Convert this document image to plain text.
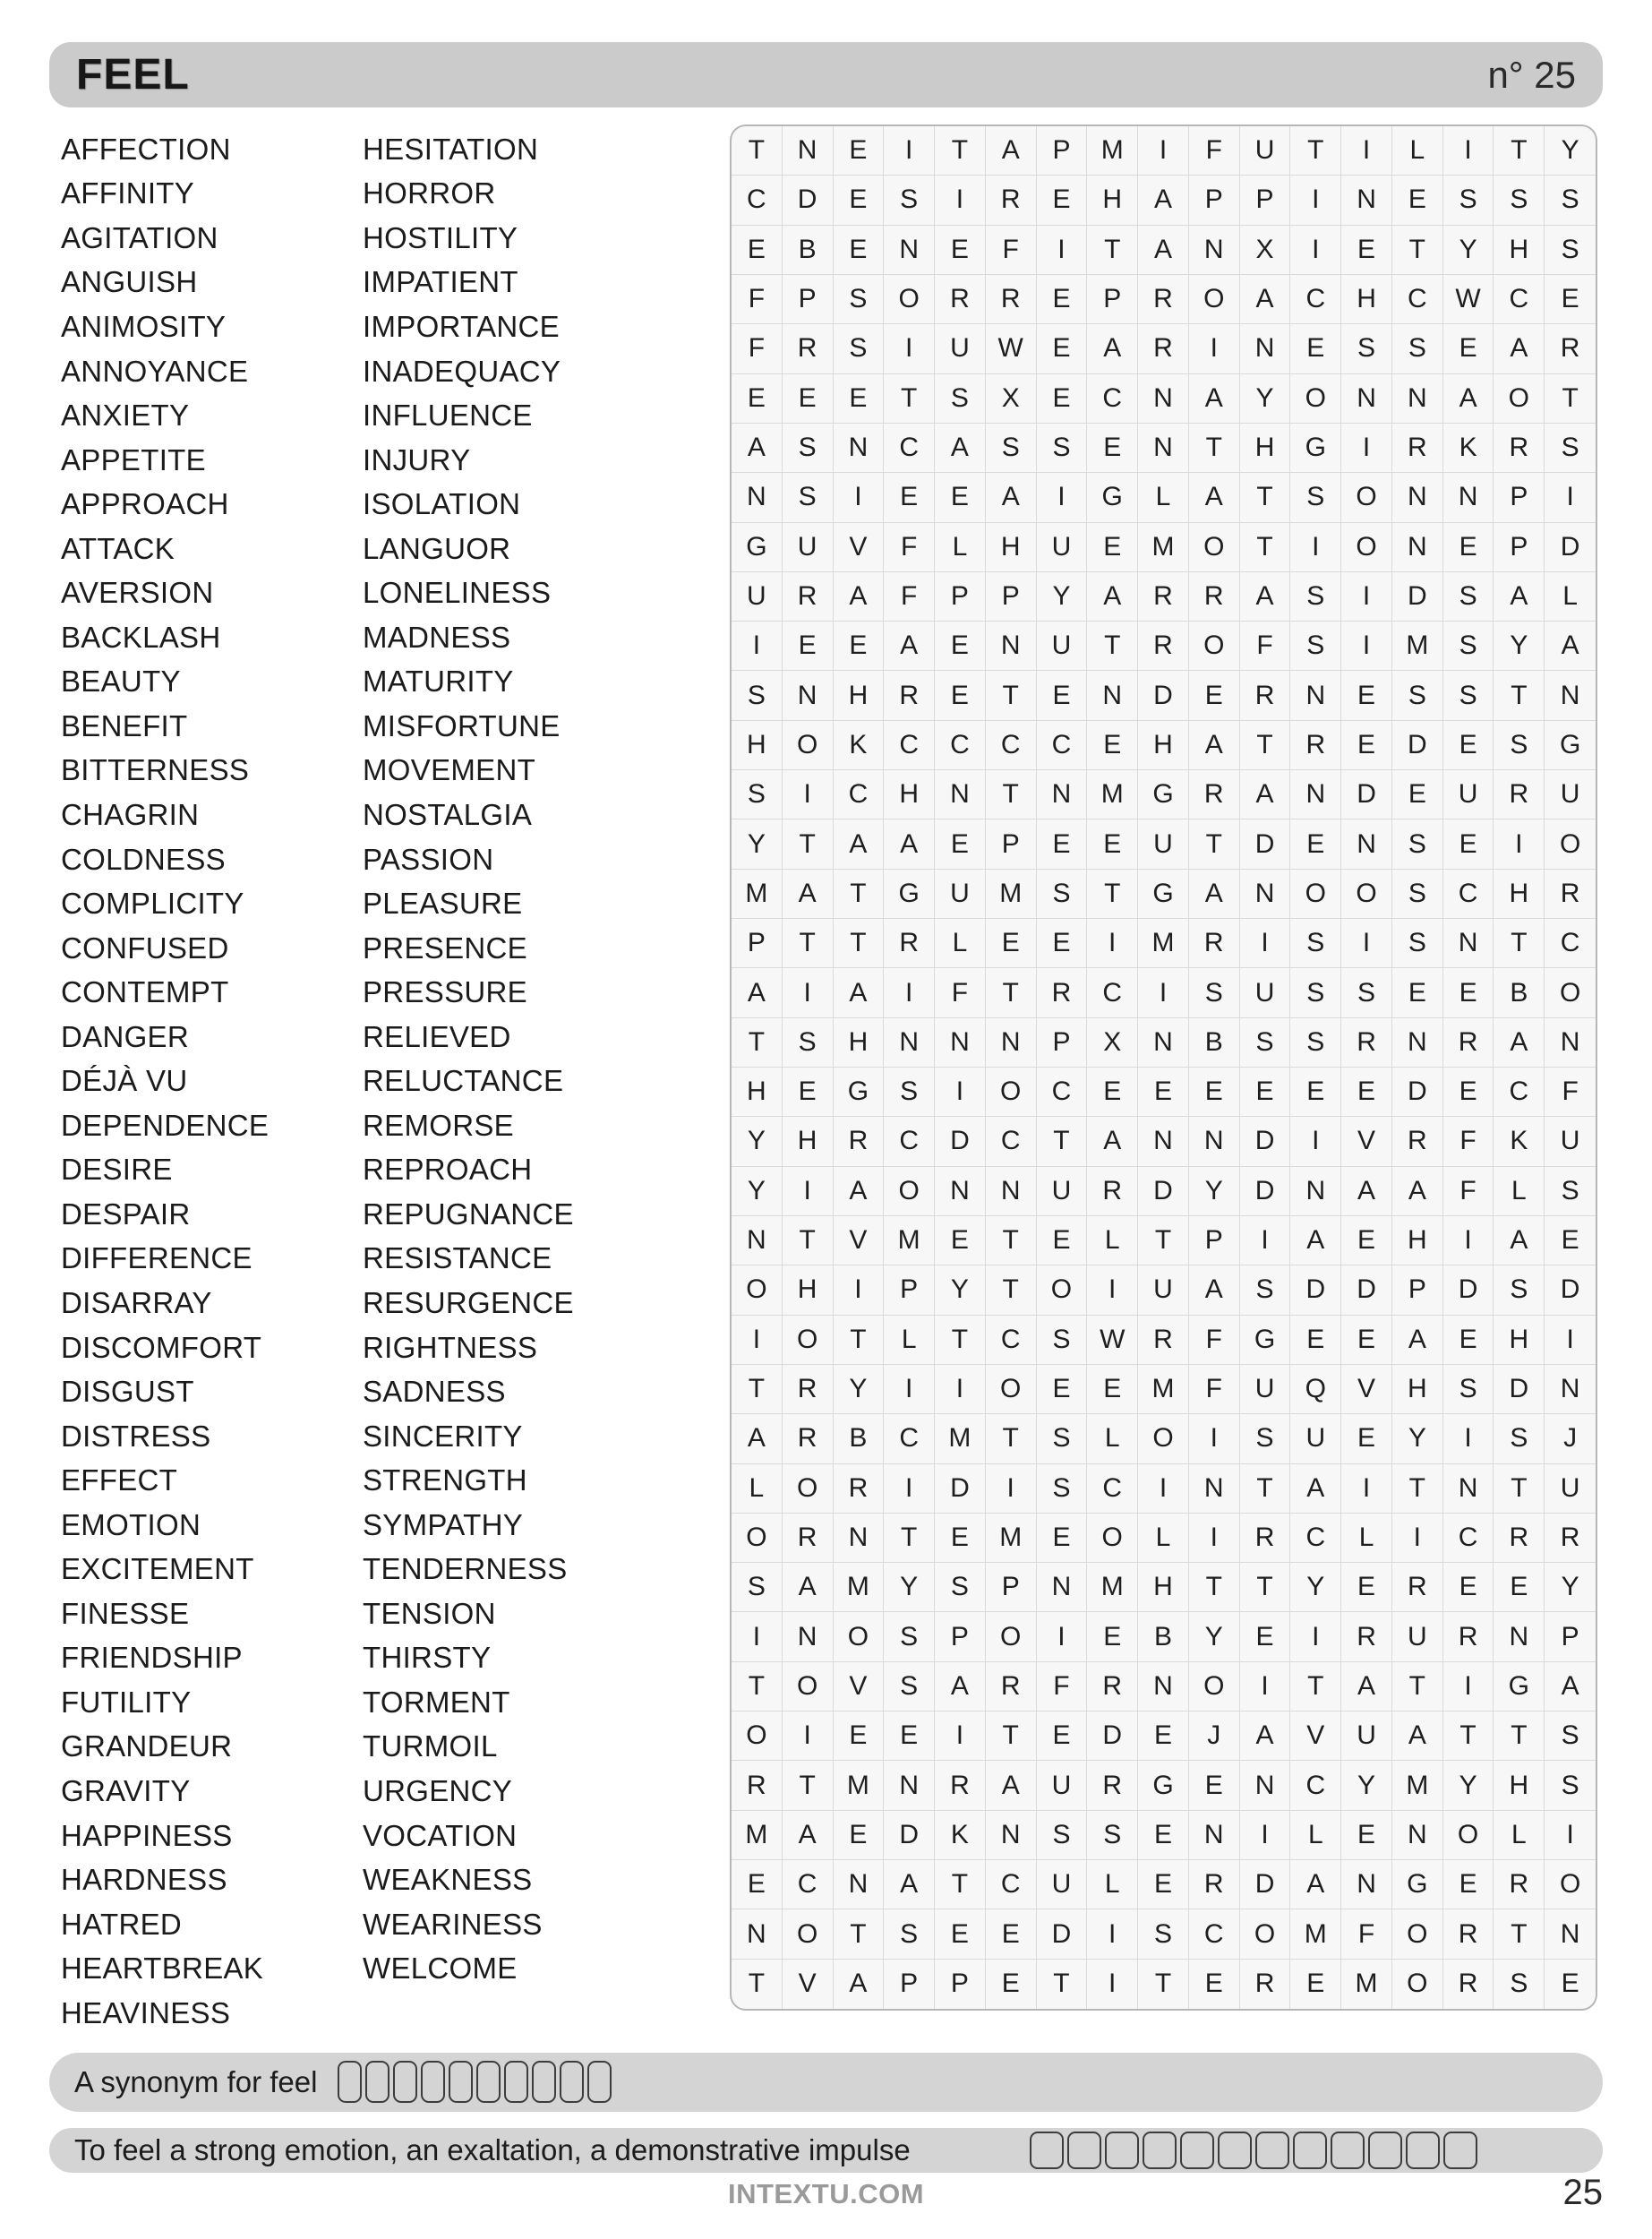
FEEL	n° 25
AFFECTION
AFFINITY
AGITATION
ANGUISH
ANIMOSITY
ANNOYANCE
ANXIETY
APPETITE
APPROACH
ATTACK
AVERSION
BACKLASH
BEAUTY
BENEFIT
BITTERNESS
CHAGRIN
COLDNESS
COMPLICITY
CONFUSED
CONTEMPT
DANGER
DÉJÀ VU
DEPENDENCE
DESIRE
DESPAIR
DIFFERENCE
DISARRAY
DISCOMFORT
DISGUST
DISTRESS
EFFECT
EMOTION
EXCITEMENT
FINESSE
FRIENDSHIP
FUTILITY
GRANDEUR
GRAVITY
HAPPINESS
HARDNESS
HATRED
HEARTBREAK
HEAVINESS
HESITATION
HORROR
HOSTILITY
IMPATIENT
IMPORTANCE
INADEQUACY
INFLUENCE
INJURY
ISOLATION
LANGUOR
LONELINESS
MADNESS
MATURITY
MISFORTUNE
MOVEMENT
NOSTALGIA
PASSION
PLEASURE
PRESENCE
PRESSURE
RELIEVED
RELUCTANCE
REMORSE
REPROACH
REPUGNANCE
RESISTANCE
RESURGENCE
RIGHTNESS
SADNESS
SINCERITY
STRENGTH
SYMPATHY
TENDERNESS
TENSION
THIRSTY
TORMENT
TURMOIL
URGENCY
VOCATION
WEAKNESS
WEARINESS
WELCOME
T	N	E	I	T	A	P	M	I	F	U	T	I	L	I	T	Y
C	D	E	S	I	R	E	H	A	P	P	I	N	E	S	S	S
E	B	E	N	E	F	I	T	A	N	X	I	E	T	Y	H	S
F	P	S	O	R	R	E	P	R	O	A	C	H	C	W	C	E
F	R	S	I	U	W	E	A	R	I	N	E	S	S	E	A	R
E	E	E	T	S	X	E	C	N	A	Y	O	N	N	A	O	T
A	S	N	C	A	S	S	E	N	T	H	G	I	R	K	R	S
N	S	I	E	E	A	I	G	L	A	T	S	O	N	N	P	I
G	U	V	F	L	H	U	E	M	O	T	I	O	N	E	P	D
U	R	A	F	P	P	Y	A	R	R	A	S	I	D	S	A	L
I	E	E	A	E	N	U	T	R	O	F	S	I	M	S	Y	A
S	N	H	R	E	T	E	N	D	E	R	N	E	S	S	T	N
H	O	K	C	C	C	C	E	H	A	T	R	E	D	E	S	G
S	I	C	H	N	T	N	M	G	R	A	N	D	E	U	R	U
Y	T	A	A	E	P	E	E	U	T	D	E	N	S	E	I	O
M	A	T	G	U	M	S	T	G	A	N	O	O	S	C	H	R
P	T	T	R	L	E	E	I	M	R	I	S	I	S	N	T	C
A	I	A	I	F	T	R	C	I	S	U	S	S	E	E	B	O
T	S	H	N	N	N	P	X	N	B	S	S	R	N	R	A	N
H	E	G	S	I	O	C	E	E	E	E	E	E	D	E	C	F
Y	H	R	C	D	C	T	A	N	N	D	I	V	R	F	K	U
Y	I	A	O	N	N	U	R	D	Y	D	N	A	A	F	L	S
N	T	V	M	E	T	E	L	T	P	I	A	E	H	I	A	E
O	H	I	P	Y	T	O	I	U	A	S	D	D	P	D	S	D
I	O	T	L	T	C	S	W	R	F	G	E	E	A	E	H	I
T	R	Y	I	I	O	E	E	M	F	U	Q	V	H	S	D	N
A	R	B	C	M	T	S	L	O	I	S	U	E	Y	I	S	J
L	O	R	I	D	I	S	C	I	N	T	A	I	T	N	T	U
O	R	N	T	E	M	E	O	L	I	R	C	L	I	C	R	R
S	A	M	Y	S	P	N	M	H	T	T	Y	E	R	E	E	Y
I	N	O	S	P	O	I	E	B	Y	E	I	R	U	R	N	P
T	O	V	S	A	R	F	R	N	O	I	T	A	T	I	G	A
O	I	E	E	I	T	E	D	E	J	A	V	U	A	T	T	S
R	T	M	N	R	A	U	R	G	E	N	C	Y	M	Y	H	S
M	A	E	D	K	N	S	S	E	N	I	L	E	N	O	L	I
E	C	N	A	T	C	U	L	E	R	D	A	N	G	E	R	O
N	O	T	S	E	E	D	I	S	C	O	M	F	O	R	T	N
T	V	A	P	P	E	T	I	T	E	R	E	M	O	R	S	E
A synonym for feel
To feel a strong emotion, an exaltation, a demonstrative impulse
INTEXTU.COM	25
